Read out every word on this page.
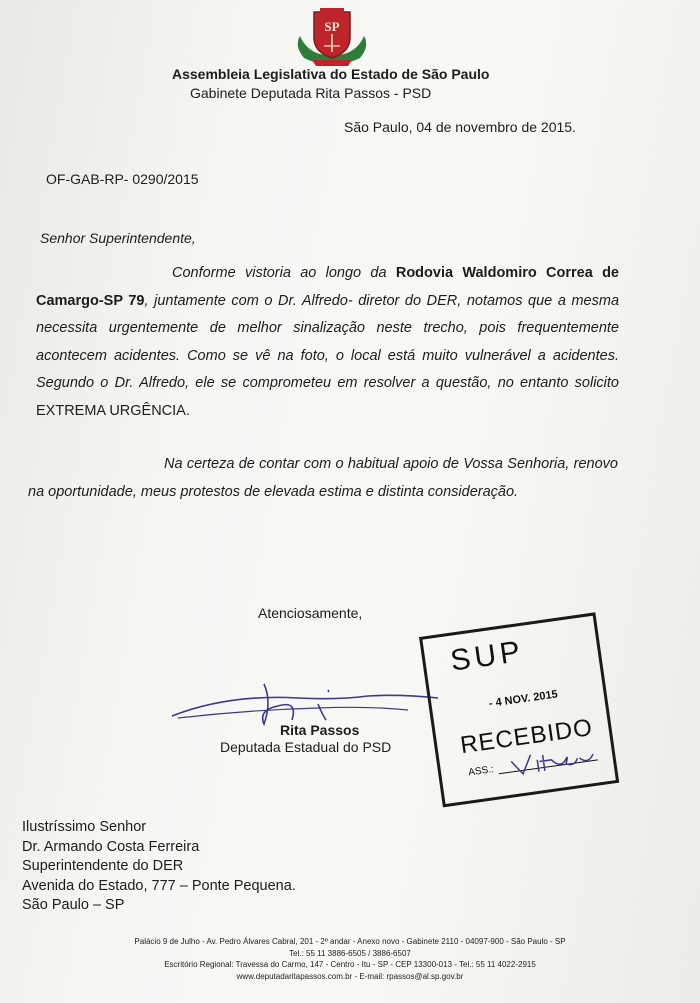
SP
Assembleia Legislativa do Estado de São Paulo
Gabinete Deputada Rita Passos - PSD
São Paulo, 04 de novembro de 2015.
OF-GAB-RP- 0290/2015
Senhor Superintendente,
Conforme vistoria ao longo da Rodovia Waldomiro Correa de Camargo-SP 79, juntamente com o Dr. Alfredo- diretor do DER, notamos que a mesma necessita urgentemente de melhor sinalização neste trecho, pois frequentemente acontecem acidentes. Como se vê na foto, o local está muito vulnerável a acidentes. Segundo o Dr. Alfredo, ele se comprometeu em resolver a questão, no entanto solicito EXTREMA URGÊNCIA.
Na certeza de contar com o habitual apoio de Vossa Senhoria, renovo na oportunidade, meus protestos de elevada estima e distinta consideração.
Atenciosamente,
Rita Passos
Deputada Estadual do PSD
SUP
- 4 NOV. 2015
RECEBIDO
ASS.:
Ilustríssimo Senhor
Dr. Armando Costa Ferreira
Superintendente do DER
Avenida do Estado, 777 – Ponte Pequena.
São Paulo – SP
Palácio 9 de Julho - Av. Pedro Álvares Cabral, 201 - 2º andar - Anexo novo - Gabinete 2110 - 04097-900 - São Paulo - SP
Tel.: 55 11 3886-6505 / 3886-6507
Escritório Regional: Travessa do Carmo, 147 - Centro - Itu - SP - CEP 13300-013 - Tel.: 55 11 4022-2915
www.deputadaritapassos.com.br - E-mail: rpassos@al.sp.gov.br
